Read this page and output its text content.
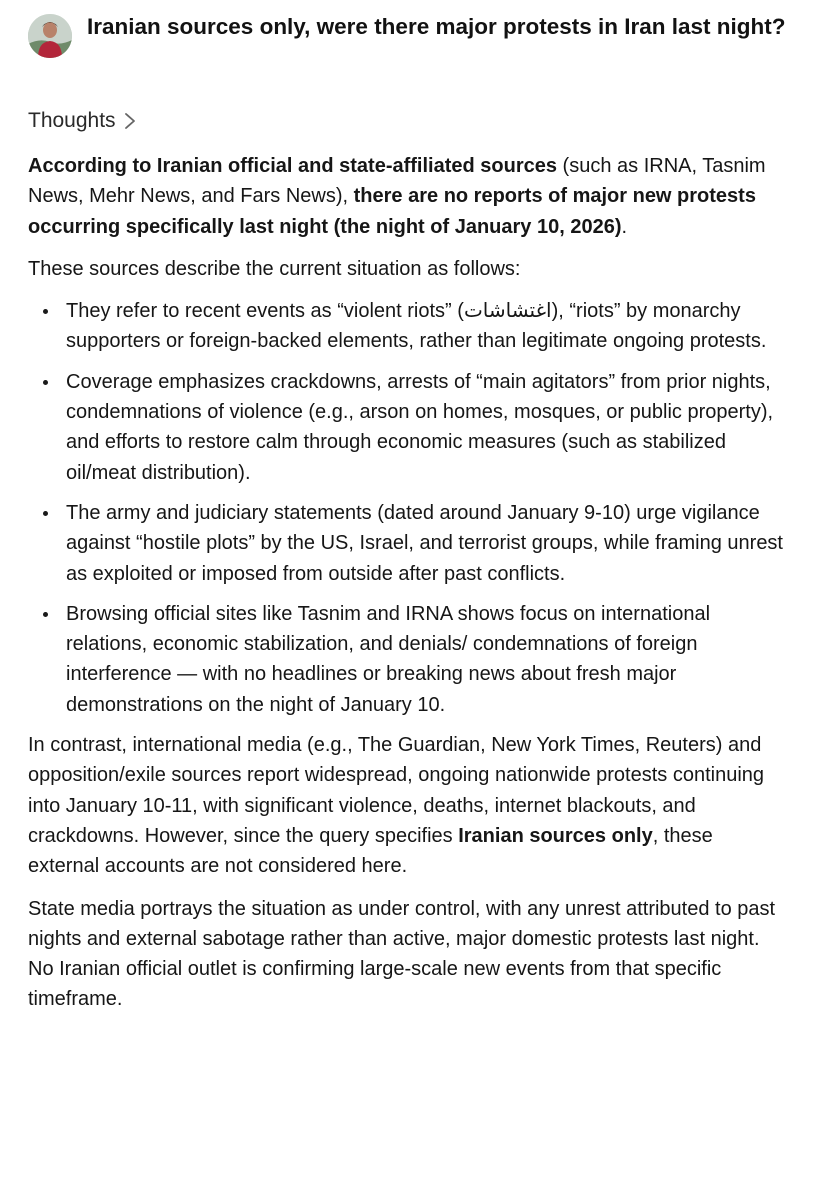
Iranian sources only, were there major protests in Iran last night?
Thoughts

According to Iranian official and state-affiliated sources (such as IRNA, Tasnim News, Mehr News, and Fars News), there are no reports of major new protests occurring specifically last night (the night of January 10, 2026).

These sources describe the current situation as follows:

They refer to recent events as “violent riots” (اغتشاشات), “riots” by monarchy supporters or foreign-backed elements, rather than legitimate ongoing protests.
Coverage emphasizes crackdowns, arrests of “main agitators” from prior nights, condemnations of violence (e.g., arson on homes, mosques, or public property), and efforts to restore calm through economic measures (such as stabilized oil/meat distribution).
The army and judiciary statements (dated around January 9-10) urge vigilance against “hostile plots” by the US, Israel, and terrorist groups, while framing unrest as exploited or imposed from outside after past conflicts.
Browsing official sites like Tasnim and IRNA shows focus on international relations, economic stabilization, and denials/ condemnations of foreign interference — with no headlines or breaking news about fresh major demonstrations on the night of January 10.

In contrast, international media (e.g., The Guardian, New York Times, Reuters) and opposition/exile sources report widespread, ongoing nationwide protests continuing into January 10-11, with significant violence, deaths, internet blackouts, and crackdowns. However, since the query specifies Iranian sources only, these external accounts are not considered here.

State media portrays the situation as under control, with any unrest attributed to past nights and external sabotage rather than active, major domestic protests last night. No Iranian official outlet is confirming large-scale new events from that specific timeframe.
